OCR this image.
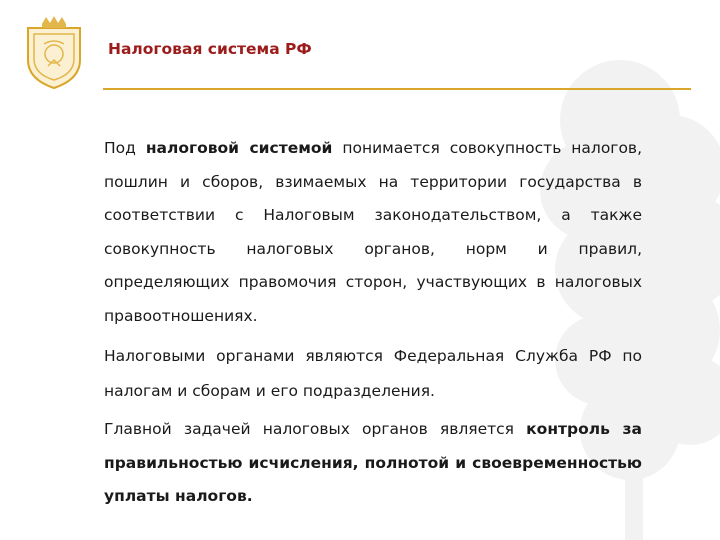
Налоговая система РФ

Под налоговой системой понимается совокупность налогов, пошлин и сборов, взимаемых на территории государства в соответствии с Налоговым законодательством, а также совокупность налоговых органов, норм и правил, определяющих правомочия сторон, участвующих в налоговых правоотношениях.

Налоговыми органами являются Федеральная Служба РФ по налогам и сборам и его подразделения.

Главной задачей налоговых органов является контроль за правильностью исчисления, полнотой и своевременностью уплаты налогов.
